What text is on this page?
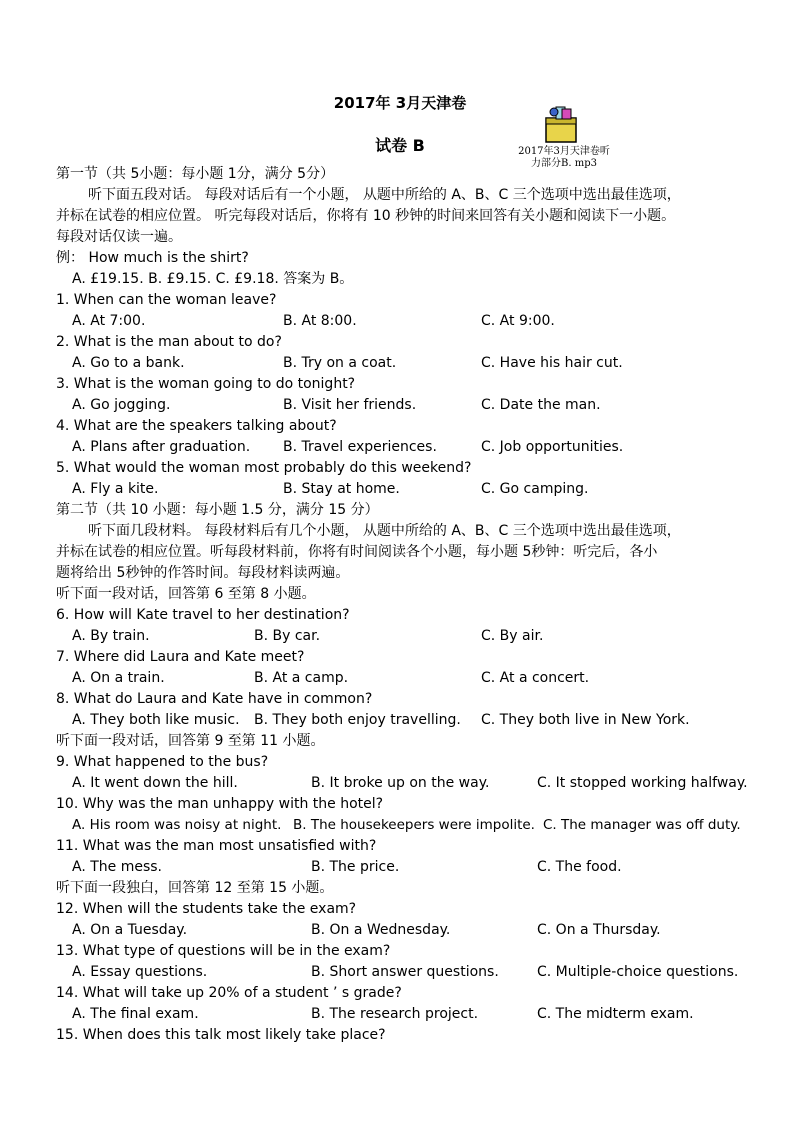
2017年 3月天津卷
试卷 B	2017年3月天津卷听
力部分B. mp3
第一节（共 5小题：每小题 1分，满分 5分）
听下面五段对话。 每段对话后有一个小题， 从题中所给的 A、B、C 三个选项中选出最佳选项，
并标在试卷的相应位置。 听完每段对话后，你将有 10 秒钟的时间来回答有关小题和阅读下一小题。
每段对话仅读一遍。
例： How much is the shirt?
A. £19.15. B. £9.15. C. £9.18. 答案为 B。
1. When can the woman leave?
A. At 7:00.	B. At 8:00.	C. At 9:00.
2. What is the man about to do?
A. Go to a bank.	B. Try on a coat.	C. Have his hair cut.
3. What is the woman going to do tonight?
A. Go jogging.	B. Visit her friends.	C. Date the man.
4. What are the speakers talking about?
A. Plans after graduation. B. Travel experiences.	C. Job opportunities.
5. What would the woman most probably do this weekend?
A. Fly a kite.	B. Stay at home.	C. Go camping.
第二节（共 10 小题：每小题 1.5 分，满分 15 分）
听下面几段材料。 每段材料后有几个小题， 从题中所给的 A、B、C 三个选项中选出最佳选项，
并标在试卷的相应位置。听每段材料前，你将有时间阅读各个小题，每小题 5秒钟：听完后，各小
题将给出 5秒钟的作答时间。每段材料读两遍。
听下面一段对话，回答第 6 至第 8 小题。
6. How will Kate travel to her destination?
A. By train.	B. By car.	C. By air.
7. Where did Laura and Kate meet?
A. On a train.	B. At a camp.	C. At a concert.
8. What do Laura and Kate have in common?
A. They both like music. B. They both enjoy travelling. C. They both live in New York.
听下面一段对话，回答第 9 至第 11 小题。
9. What happened to the bus?
A. It went down the hill.	B. It broke up on the way.	C. It stopped working halfway.
10. Why was the man unhappy with the hotel?
A. His room was noisy at night. B. The housekeepers were impolite. C. The manager was off duty.
11. What was the man most unsatisfied with?
A. The mess.	B. The price.	C. The food.
听下面一段独白，回答第 12 至第 15 小题。
12. When will the students take the exam?
A. On a Tuesday.	B. On a Wednesday.	C. On a Thursday.
13. What type of questions will be in the exam?
A. Essay questions.	B. Short answer questions.	C. Multiple-choice questions.
14. What will take up 20% of a student ’ s grade?
A. The final exam.	B. The research project.	C. The midterm exam.
15. When does this talk most likely take place?
